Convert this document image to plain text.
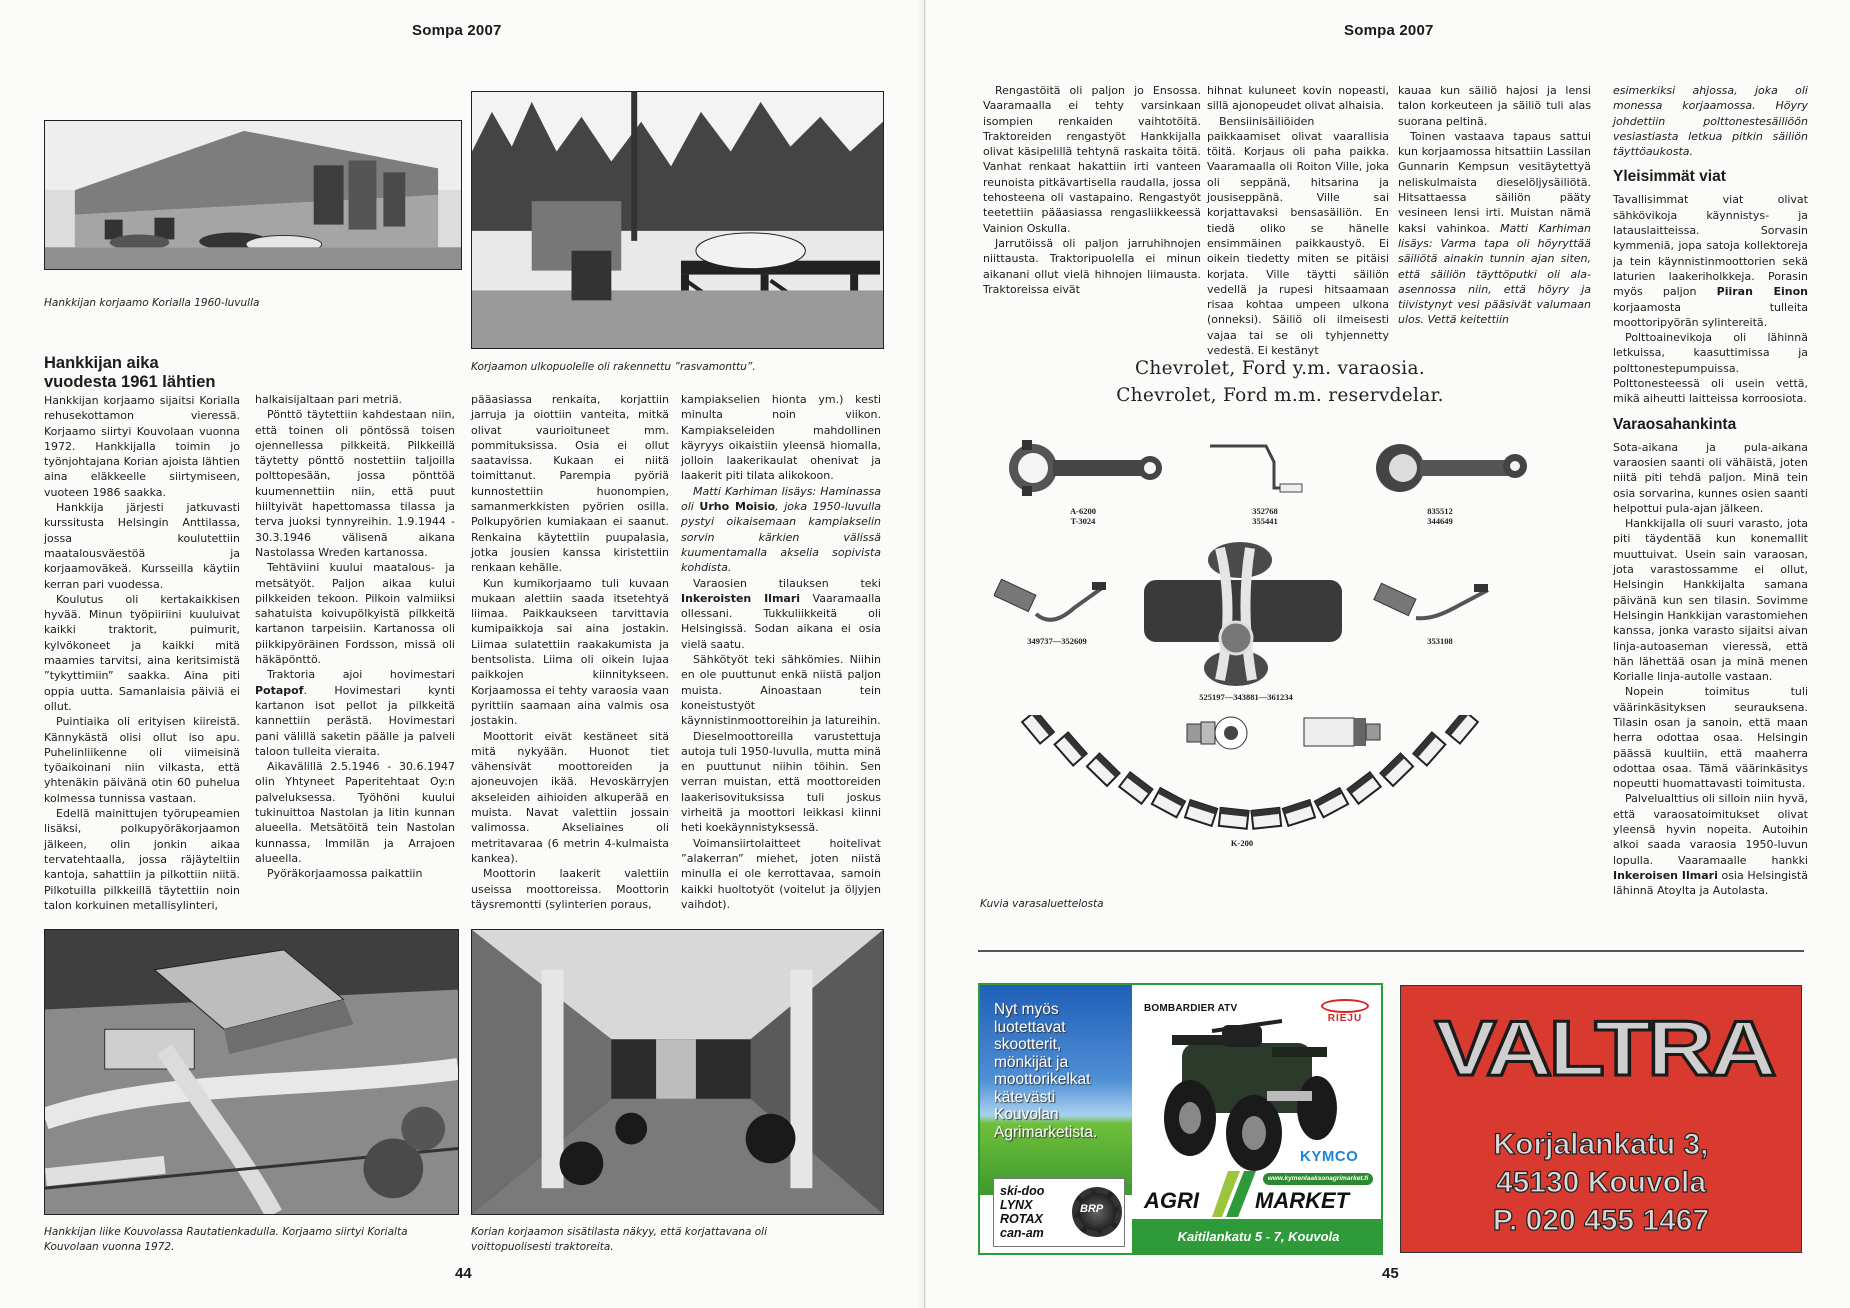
Sompa 2007
Hankkijan korjaamo Korialla 1960-luvulla
Korjaamon ulkopuolelle oli rakennettu ”rasvamonttu”.
Hankkijan aika
vuodesta 1961 lähtien

Hankkijan korjaamo sijaitsi Korialla rehusekottamon vieressä. Korjaamo siirtyi Kouvolaan vuonna 1972. Hankkijalla toimin jo työnjohtajana Korian ajoista lähtien aina eläkkeelle siirtymiseen, vuoteen 1986 saakka.

Hankkija järjesti jatkuvasti kurssitusta Helsingin Anttilassa, jossa koulutettiin maatalousväestöä ja korjaamoväkeä. Kursseilla käytiin kerran pari vuodessa.

Koulutus oli kertakaikkisen hyvää. Minun työpiiriini kuuluivat kaikki traktorit, puimurit, kylvökoneet ja kaikki mitä maamies tarvitsi, aina keritsimistä ”tykyttimiin” saakka. Aina piti oppia uutta. Samanlaisia päiviä ei ollut.

Puintiaika oli erityisen kiireistä. Kännykästä olisi ollut iso apu. Puhelinliikenne oli viimeisinä työaikoinani niin vilkasta, että yhtenäkin päivänä otin 60 puhelua kolmessa tunnissa vastaan.

Edellä mainittujen työrupeamien lisäksi, polkupyöräkorjaamon jälkeen, olin jonkin aikaa tervatehtaalla, jossa räjäyteltiin kantoja, sahattiin ja pilkottiin niitä. Pilkotuilla pilkkeillä täytettiin noin talon korkuinen metallisylinteri,

halkaisijaltaan pari metriä.

Pönttö täytettiin kahdestaan niin, että toinen oli pöntössä toisen ojennellessa pilkkeitä. Pilkkeillä täytetty pönttö nostettiin taljoilla polttopesään, jossa pönttöä kuumennettiin niin, että puut hiiltyivät hapettomassa tilassa ja terva juoksi tynnyreihin. 1.9.1944 - 30.3.1946 välisenä aikana Nastolassa Wreden kartanossa.

Tehtäviini kuului maatalous- ja metsätyöt. Paljon aikaa kului pilkkeiden tekoon. Pilkoin valmiiksi sahatuista koivupölkyistä pilkkeitä kartanon tarpeisiin. Kartanossa oli piikkipyöräinen Fordsson, missä oli häkäpönttö.

Traktoria ajoi hovimestari Potapof. Hovimestari kynti kartanon isot pellot ja pilkkeitä kannettiin perästä. Hovimestari pani välillä saketin päälle ja palveli taloon tulleita vieraita.

Aikavälillä 2.5.1946 - 30.6.1947 olin Yhtyneet Paperitehtaat Oy:n palveluksessa. Työhöni kuului tukinuittoa Nastolan ja Iitin kunnan alueella. Metsätöitä tein Nastolan kunnassa, Immilän ja Arrajoen alueella.

Pyöräkorjaamossa paikattiin

pääasiassa renkaita, korjattiin jarruja ja oiottiin vanteita, mitkä olivat vaurioituneet mm. pommituksissa. Osia ei ollut saatavissa. Kukaan ei niitä toimittanut. Parempia pyöriä kunnostettiin huonompien, samanmerkkisten pyörien osilla. Polkupyörien kumiakaan ei saanut. Renkaina käytettiin puupalasia, jotka jousien kanssa kiristettiin renkaan kehälle.

Kun kumikorjaamo tuli kuvaan mukaan alettiin saada itsetehtyä liimaa. Paikkaukseen tarvittavia kumipaikkoja sai aina jostakin. Liimaa sulatettiin raakakumista ja bentsolista. Liima oli oikein lujaa paikkojen kiinnitykseen. Korjaamossa ei tehty varaosia vaan pyrittiin saamaan aina valmis osa jostakin.

Moottorit eivät kestäneet sitä mitä nykyään. Huonot tiet vähensivät moottoreiden ja ajoneuvojen ikää. Hevoskärryjen akseleiden aihioiden alkuperää en muista. Navat valettiin jossain valimossa. Akseliaines oli metritavaraa (6 metrin 4-kulmaista kankea).

Moottorin laakerit valettiin useissa moottoreissa. Moottorin täysremontti (sylinterien poraus,

kampiakselien hionta ym.) kesti minulta noin viikon. Kampiakseleiden mahdollinen käyryys oikaistiin yleensä hiomalla, jolloin laakerikaulat ohenivat ja laakerit piti tilata alikokoon.

Matti Karhiman lisäys: Haminassa oli Urho Moisio, joka 1950-luvulla pystyi oikaisemaan kampiakselin sorvin kärkien välissä kuumentamalla akselia sopivista kohdista.

Varaosien tilauksen teki Inkeroisten Ilmari Vaaramaalla ollessani. Tukkuliikkeitä oli Helsingissä. Sodan aikana ei osia vielä saatu.

Sähkötyöt teki sähkömies. Niihin en ole puuttunut enkä niistä paljon muista. Ainoastaan tein koneistustyöt käynnistinmoottoreihin ja latureihin.

Dieselmoottoreilla varustettuja autoja tuli 1950-luvulla, mutta minä en puuttunut niihin töihin. Sen verran muistan, että moottoreiden laakerisovituksissa tuli joskus virheitä ja moottori leikkasi kiinni heti koekäynnistyksessä.

Voimansiirtolaitteet hoitelivat ”alakerran” miehet, joten niistä minulla ei ole kerrottavaa, samoin kaikki huoltotyöt (voitelut ja öljyjen vaihdot).

Hankkijan liike Kouvolassa Rautatienkadulla. Korjaamo siirtyi Korialta
Kouvolaan vuonna 1972.
Korian korjaamon sisätilasta näkyy, että korjattavana oli
voittopuolisesti traktoreita.
44
Sompa 2007

Rengastöitä oli paljon jo Ensossa. Vaaramaalla ei tehty varsinkaan isompien renkaiden vaihtotöitä. Traktoreiden rengastyöt Hankkijalla olivat käsipelillä tehtynä raskaita töitä. Vanhat renkaat hakattiin irti vanteen reunoista pitkävartisella raudalla, jossa tehosteena oli vastapaino. Rengastyöt teetettiin pääasiassa rengasliikkeessä Vainion Oskulla.

Jarrutöissä oli paljon jarruhihnojen niittausta. Traktoripuolella ei minun aikanani ollut vielä hihnojen liimausta. Traktoreissa eivät

hihnat kuluneet kovin nopeasti, sillä ajonopeudet olivat alhaisia.

Bensiinisäiliöiden paikkaamiset olivat vaarallisia töitä. Korjaus oli paha paikka. Vaaramaalla oli Roiton Ville, joka oli seppänä, hitsarina ja jousiseppänä. Ville sai korjattavaksi bensasäiliön. En tiedä oliko se hänelle ensimmäinen paikkaustyö. Ei oikein tiedetty miten se pitäisi korjata. Ville täytti säiliön vedellä ja rupesi hitsaamaan risaa kohtaa umpeen ulkona (onneksi). Säiliö oli ilmeisesti vajaa tai se oli tyhjennetty vedestä. Ei kestänyt

kauaa kun säiliö hajosi ja lensi talon korkeuteen ja säiliö tuli alas suorana peltinä.

Toinen vastaava tapaus sattui kun korjaamossa hitsattiin Lassilan Gunnarin Kempsun vesitäytettyä neliskulmaista dieselöljysäiliötä. Hitsattaessa säiliön pääty vesineen lensi irti. Muistan nämä kaksi vahinkoa. Matti Karhiman lisäys: Varma tapa oli höyryttää säiliötä ainakin tunnin ajan siten, että säiliön täyttöputki oli ala-asennossa niin, että höyry ja tiivistynyt vesi pääsivät valumaan ulos. Vettä keitettiin

esimerkiksi ahjossa, joka oli monessa korjaamossa. Höyry johdettiin polttonestesäiliöön vesiastiasta letkua pitkin säiliön täyttöaukosta.

Yleisimmät viat

Tavallisimmat viat olivat sähkövikoja käynnistys- ja latauslaitteissa. Sorvasin kymmeniä, jopa satoja kollektoreja ja tein käynnistinmoottorien sekä laturien laakeriholkkeja. Porasin myös paljon Piiran Einon korjaamosta tulleita moottoripyörän sylintereitä.

Polttoainevikoja oli lähinnä letkuissa, kaasuttimissa ja polttonestepumpuissa. Polttonesteessä oli usein vettä, mikä aiheutti laitteissa korroosiota.

Varaosahankinta

Sota-aikana ja pula-aikana varaosien saanti oli vähäistä, joten niitä piti tehdä paljon. Minä tein osia sorvarina, kunnes osien saanti helpottui pula-ajan jälkeen.

Hankkijalla oli suuri varasto, jota piti täydentää kun konemallit muuttuivat. Usein sain varaosan, jota varastossamme ei ollut, Helsingin Hankkijalta samana päivänä kun sen tilasin. Sovimme Helsingin Hankkijan varastomiehen kanssa, jonka varasto sijaitsi aivan linja-autoaseman vieressä, että hän lähettää osan ja minä menen Korialle linja-autolle vastaan.

Nopein toimitus tuli väärinkäsityksen seurauksena. Tilasin osan ja sanoin, että maan herra odottaa osaa. Helsingin päässä kuultiin, että maaherra odottaa osaa. Tämä väärinkäsitys nopeutti huomattavasti toimitusta.

Palvelualttius oli silloin niin hyvä, että varaosatoimitukset olivat yleensä hyvin nopeita. Autoihin alkoi saada varaosia 1950-luvun lopulla. Vaaramaalle hankki Inkeroisen Ilmari osia Helsingistä lähinnä Atoylta ja Autolasta.

Chevrolet, Ford y.m. varaosia.
Chevrolet, Ford m.m. reservdelar.
A-6200
T-3024
352768
355441
835512
344649
349737—352609
525197—343881—361234
353108
K-200
Kuvia varasaluettelosta
Nyt myös
luotettavat
skootterit,
mönkijät ja
moottorikelkat
kätevästi
Kouvolan
Agrimarketista.
ski-doo
LYNX
ROTAX
can-am
BRP
BOMBARDIER ATV
RIEJU
KYMCO
www.kymenlaaksonagrimarket.fi
AGRI	MARKET
Kaitilankatu 5 - 7, Kouvola
VALTRA
Korjalankatu 3,
45130 Kouvola
P. 020 455 1467
45
